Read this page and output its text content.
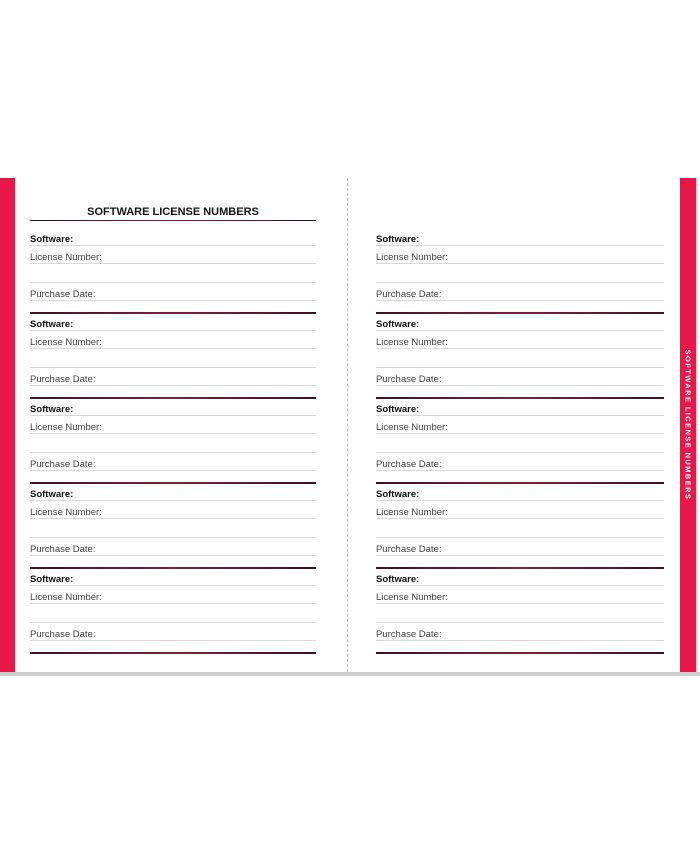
SOFTWARE LICENSE NUMBERS
SOFTWARE LICENSE NUMBERS
Software:
License Number:
Purchase Date:
Software:
License Number:
Purchase Date:
Software:
License Number:
Purchase Date:
Software:
License Number:
Purchase Date:
Software:
License Number:
Purchase Date:
Software:
License Number:
Purchase Date:
Software:
License Number:
Purchase Date:
Software:
License Number:
Purchase Date:
Software:
License Number:
Purchase Date:
Software:
License Number:
Purchase Date:
